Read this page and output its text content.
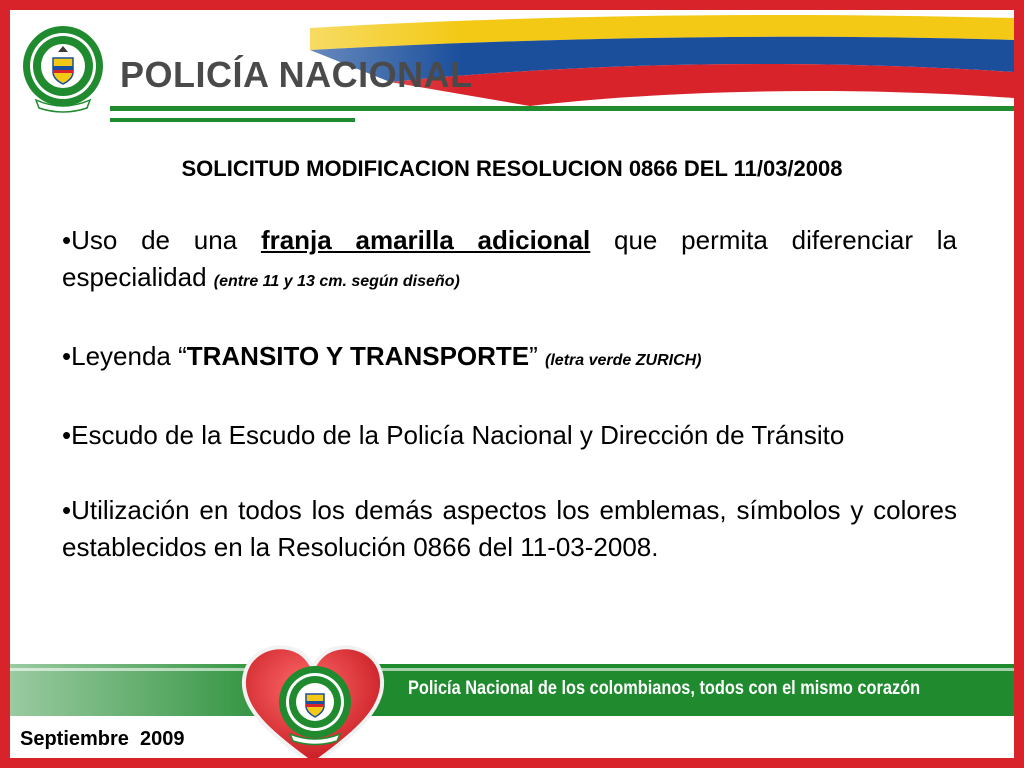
POLICÍA NACIONAL
SOLICITUD MODIFICACION RESOLUCION 0866 DEL 11/03/2008
•Uso de una franja amarilla adicional que permita diferenciar la especialidad (entre 11 y 13 cm. según diseño)
•Leyenda “TRANSITO Y TRANSPORTE” (letra verde ZURICH)
•Escudo de la Escudo de la Policía Nacional y Dirección de Tránsito
•Utilización en todos los demás aspectos los emblemas, símbolos y colores establecidos en la Resolución 0866 del 11-03-2008.
Policía Nacional de los colombianos, todos con el mismo corazón
Septiembre  2009
